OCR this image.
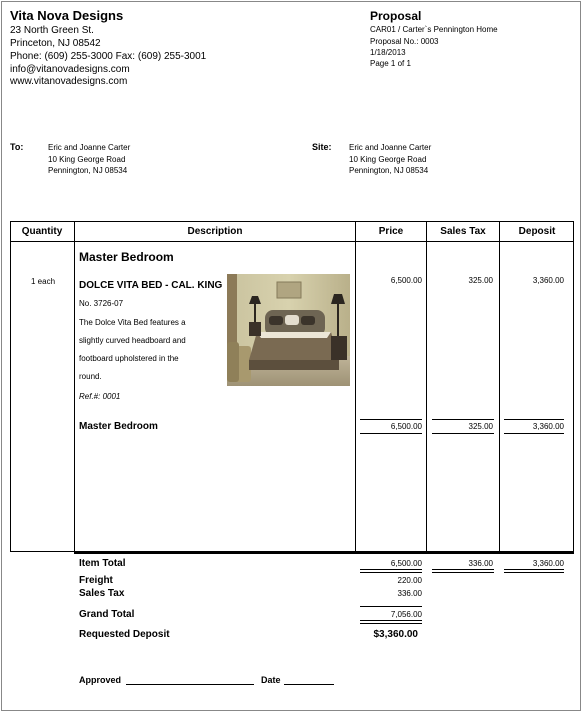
Vita Nova Designs
23 North Green St.
Princeton, NJ 08542
Phone: (609) 255-3000 Fax: (609) 255-3001
info@vitanovadesigns.com
www.vitanovadesigns.com
Proposal
CAR01 / Carter`s Pennington Home
Proposal No.: 0003
1/18/2013
Page 1 of 1
To:	Eric and Joanne Carter
10 King George Road
Pennington, NJ 08534
Site: Eric and Joanne Carter
10 King George Road
Pennington, NJ 08534
Quantity	Description	Price	Sales Tax	Deposit
Master Bedroom
1 each DOLCE VITA BED - CAL. KING
No. 3726-07
The Dolce Vita Bed features a
slightly curved headboard and
footboard upholstered in the
round.
Ref.#: 0001
6,500.00	325.00	3,360.00
Master Bedroom	6,500.00	325.00	3,360.00
Item Total	6,500.00	336.00	3,360.00
Freight	220.00
Sales Tax	336.00
Grand Total	7,056.00
Requested Deposit	$3,360.00
Approved	Date
